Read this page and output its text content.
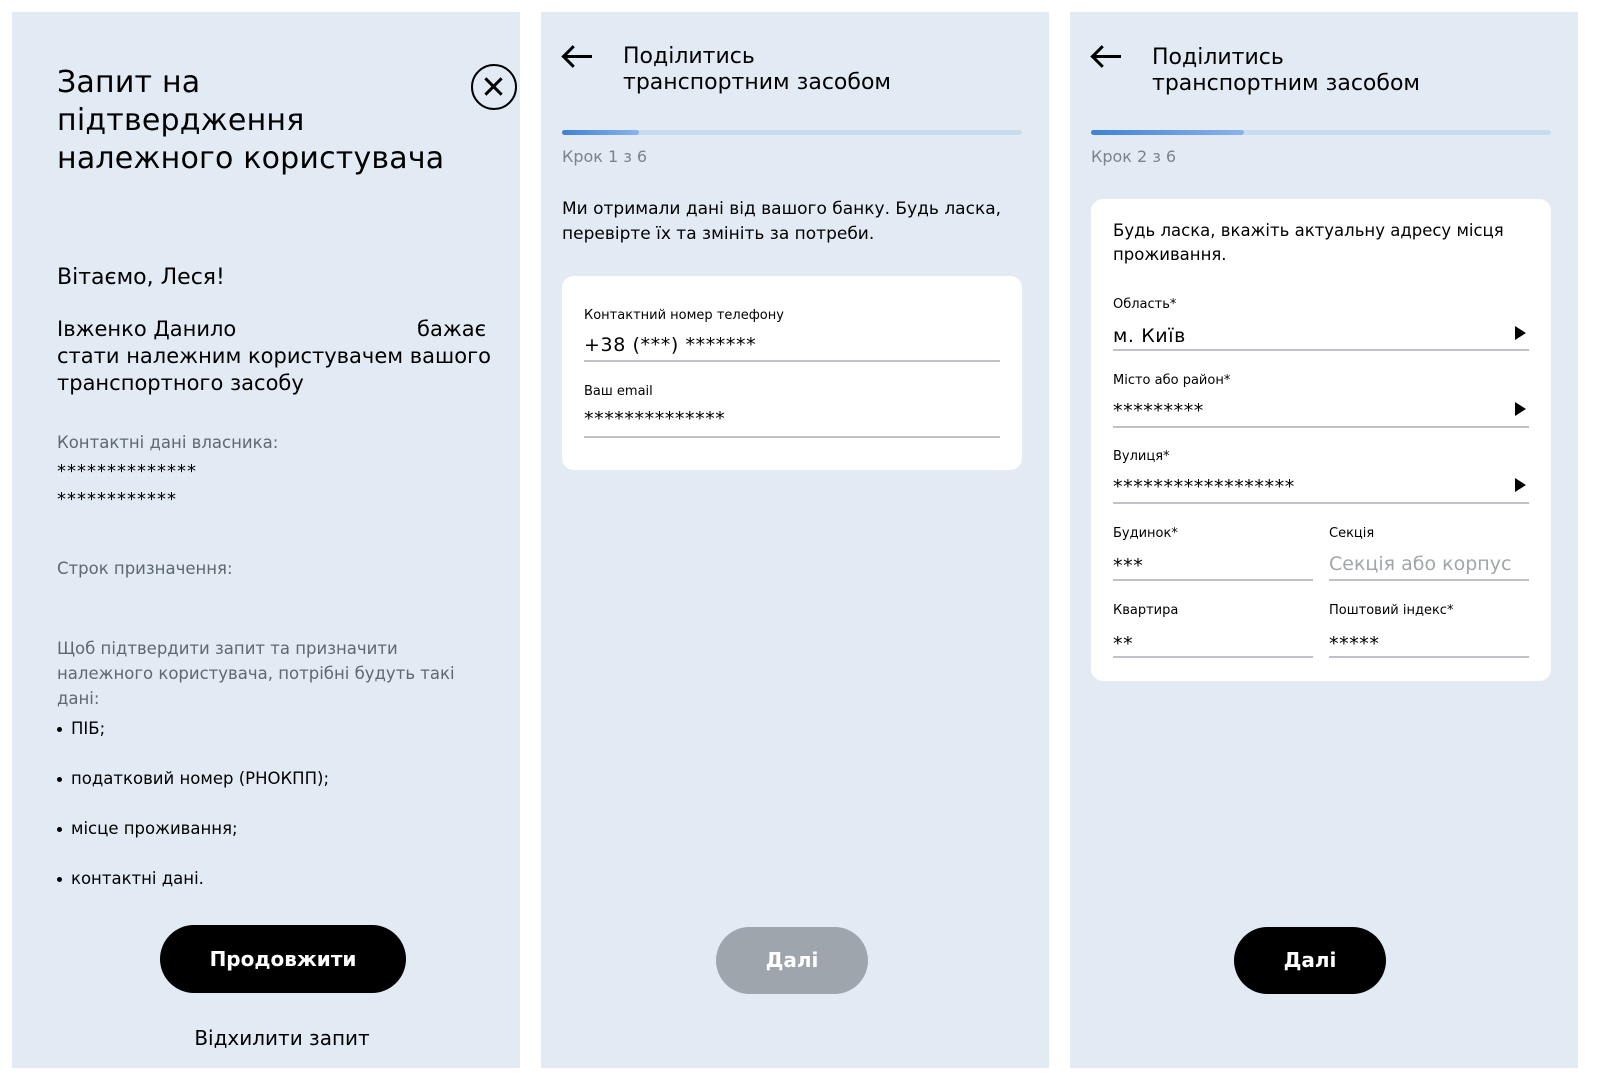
Запит на підтвердження належного користувача
Вітаємо, Леся!
Івженко Данило	бажає
стати належним користувачем вашого транспортного засобу
Контактні дані власника:
**************
************
Строк призначення:
Щоб підтвердити запит та призначити належного користувача, потрібні будуть такі дані:
ПІБ;
податковий номер (РНОКПП);
місце проживання;
контактні дані.
Продовжити
Відхилити запит
Поділитись
транспортним засобом
Крок 1 з 6
Ми отримали дані від вашого банку. Будь ласка, перевірте їх та змініть за потреби.
Контактний номер телефону
+38 (***) *******
Ваш email
**************
Далі
Поділитись
транспортним засобом
Крок 2 з 6
Будь ласка, вкажіть актуальну адресу місця проживання.
Область*
м. Київ
Місто або район*
*********
Вулиця*
******************
Будинок*
***
Секція
Секція або корпус
Квартира
**
Поштовий індекс*
*****
Далі
